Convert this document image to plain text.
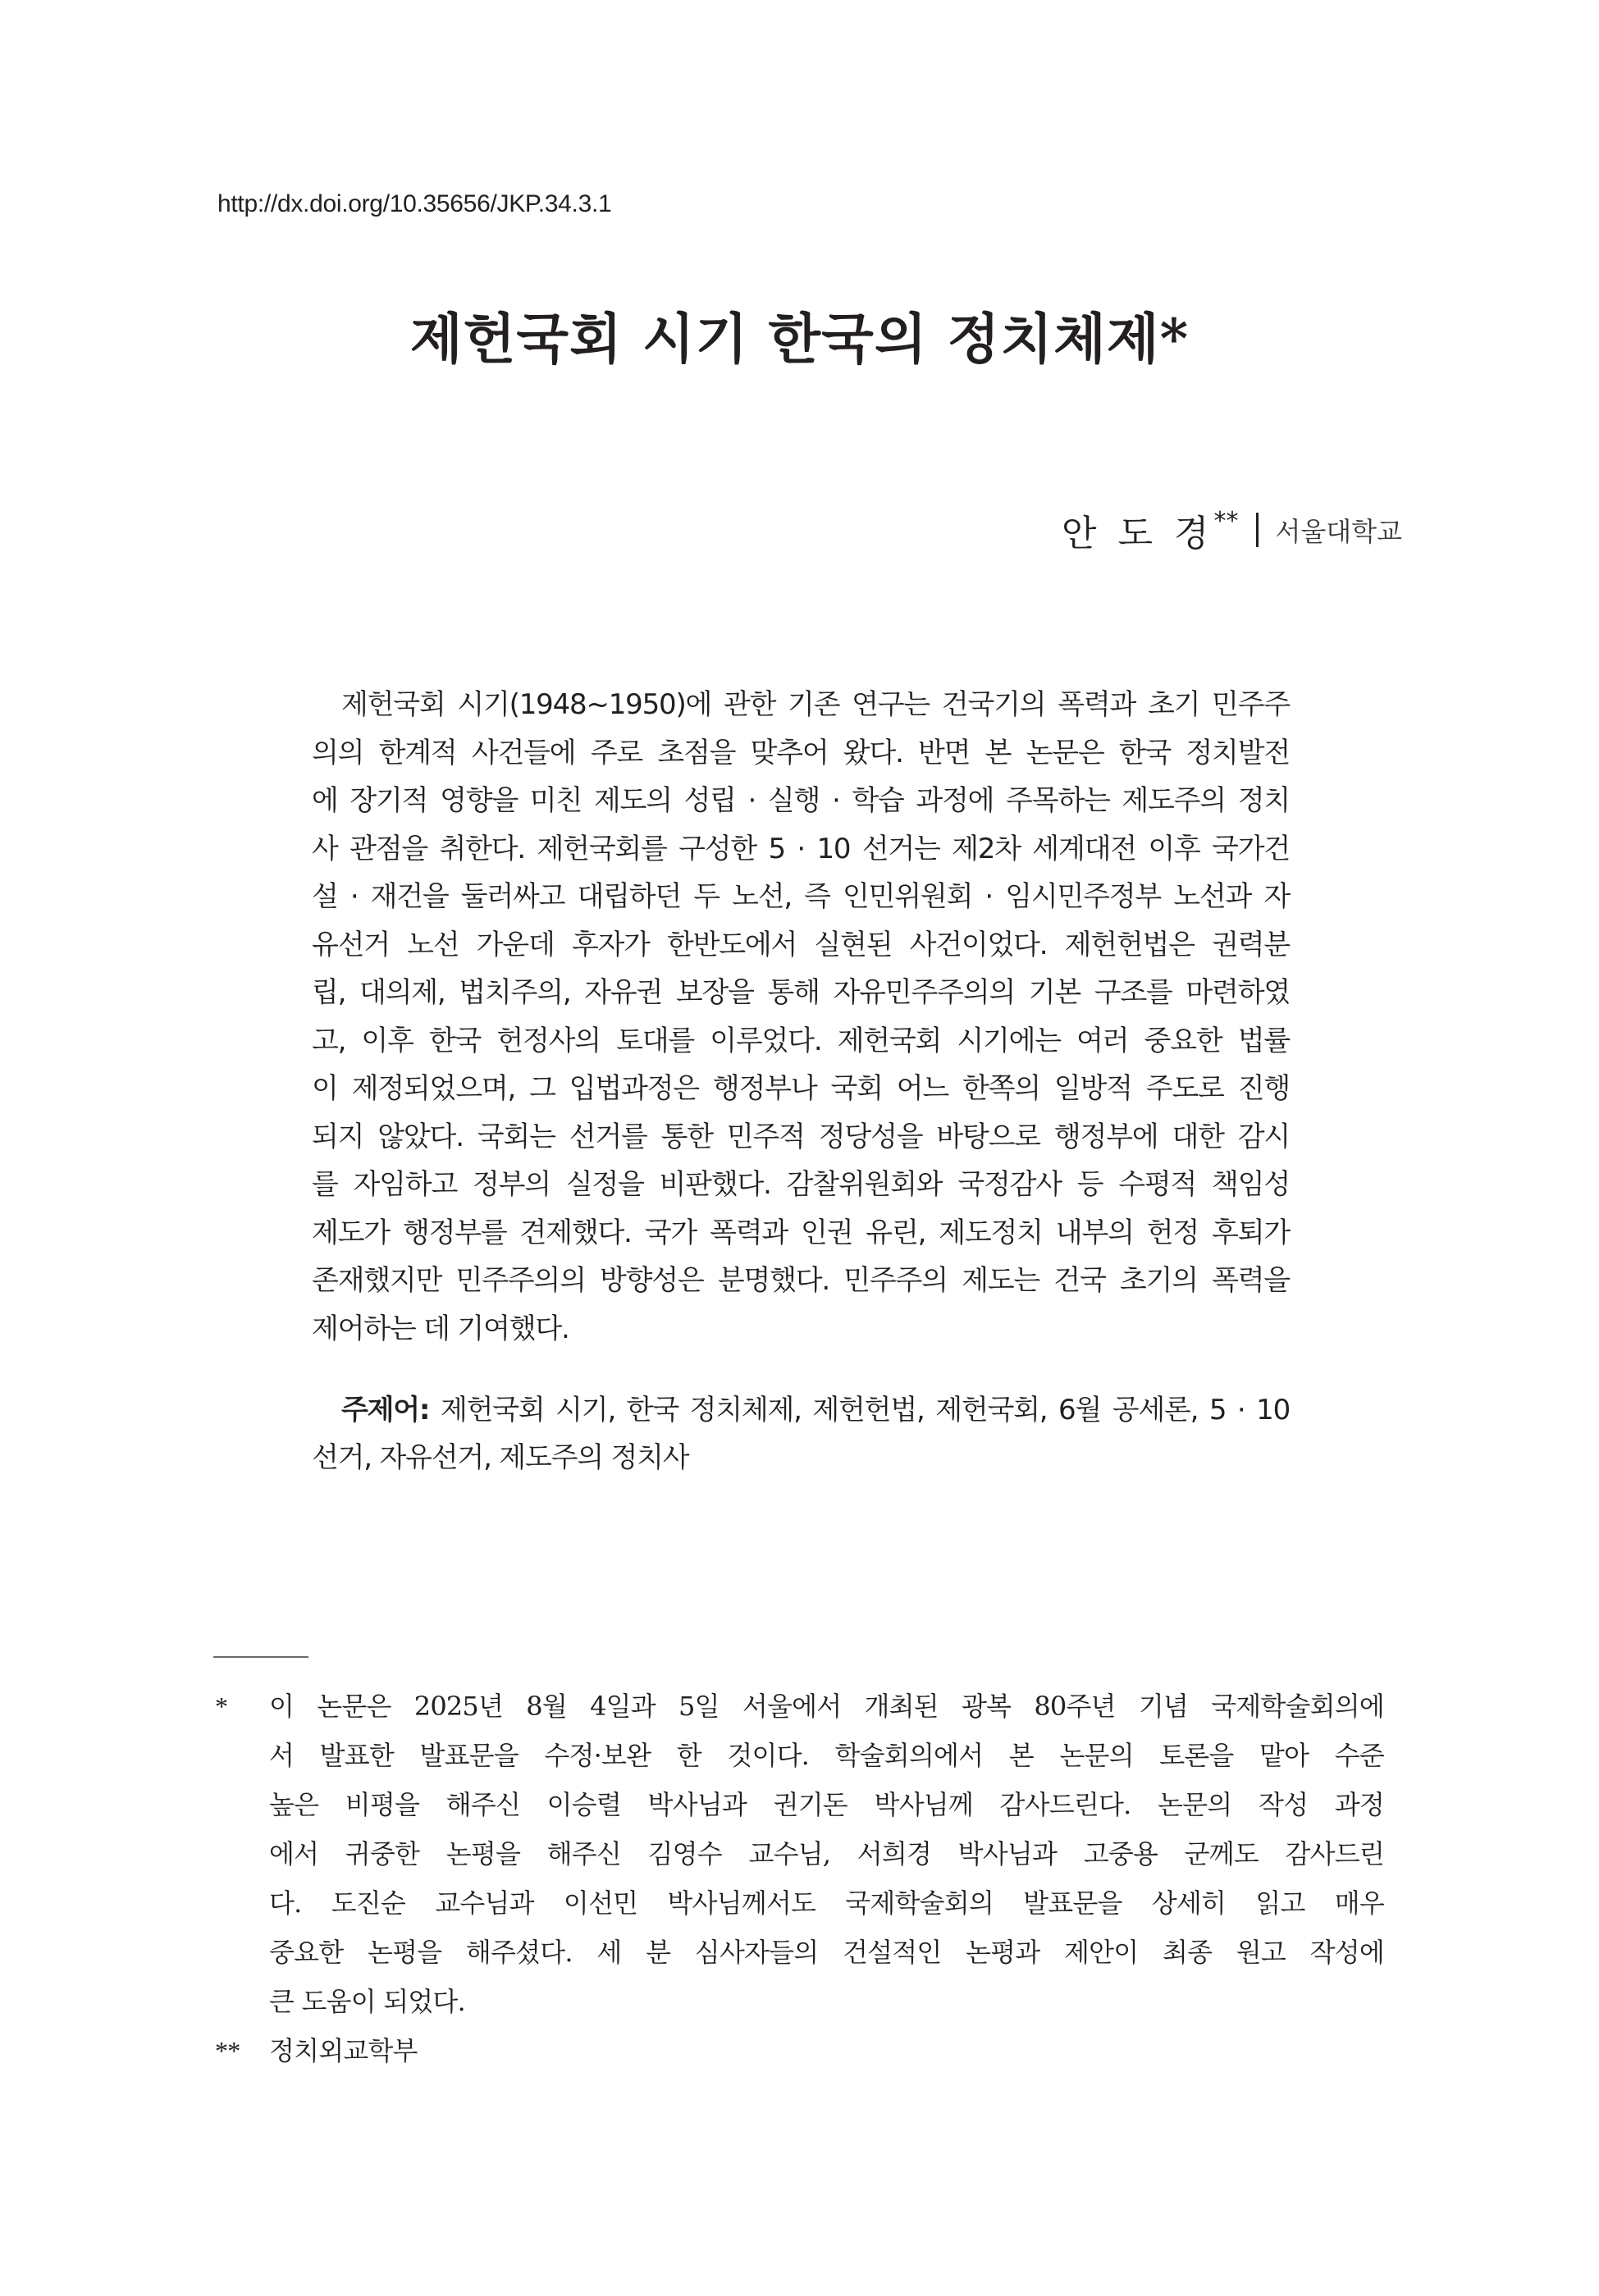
http://dx.doi.org/10.35656/JKP.34.3.1
제헌국회 시기 한국의 정치체제*
안 도 경** 서울대학교
제헌국회 시기(1948~1950)에 관한 기존 연구는 건국기의 폭력과 초기 민주주
의의 한계적 사건들에 주로 초점을 맞추어 왔다. 반면 본 논문은 한국 정치발전
에 장기적 영향을 미친 제도의 성립 · 실행 · 학습 과정에 주목하는 제도주의 정치
사 관점을 취한다. 제헌국회를 구성한 5 · 10 선거는 제2차 세계대전 이후 국가건
설 · 재건을 둘러싸고 대립하던 두 노선, 즉 인민위원회 · 임시민주정부 노선과 자
유선거 노선 가운데 후자가 한반도에서 실현된 사건이었다. 제헌헌법은 권력분
립, 대의제, 법치주의, 자유권 보장을 통해 자유민주주의의 기본 구조를 마련하였
고, 이후 한국 헌정사의 토대를 이루었다. 제헌국회 시기에는 여러 중요한 법률
이 제정되었으며, 그 입법과정은 행정부나 국회 어느 한쪽의 일방적 주도로 진행
되지 않았다. 국회는 선거를 통한 민주적 정당성을 바탕으로 행정부에 대한 감시
를 자임하고 정부의 실정을 비판했다. 감찰위원회와 국정감사 등 수평적 책임성
제도가 행정부를 견제했다. 국가 폭력과 인권 유린, 제도정치 내부의 헌정 후퇴가
존재했지만 민주주의의 방향성은 분명했다. 민주주의 제도는 건국 초기의 폭력을
제어하는 데 기여했다.
주제어: 제헌국회 시기, 한국 정치체제, 제헌헌법, 제헌국회, 6월 공세론, 5 · 10
선거, 자유선거, 제도주의 정치사
*	이 논문은 2025년 8월 4일과 5일 서울에서 개최된 광복 80주년 기념 국제학술회의에
서 발표한 발표문을 수정·보완 한 것이다. 학술회의에서 본 논문의 토론을 맡아 수준
높은 비평을 해주신 이승렬 박사님과 권기돈 박사님께 감사드린다. 논문의 작성 과정
에서 귀중한 논평을 해주신 김영수 교수님, 서희경 박사님과 고중용 군께도 감사드린
다. 도진순 교수님과 이선민 박사님께서도 국제학술회의 발표문을 상세히 읽고 매우
중요한 논평을 해주셨다. 세 분 심사자들의 건설적인 논평과 제안이 최종 원고 작성에
큰 도움이 되었다.
**	정치외교학부
